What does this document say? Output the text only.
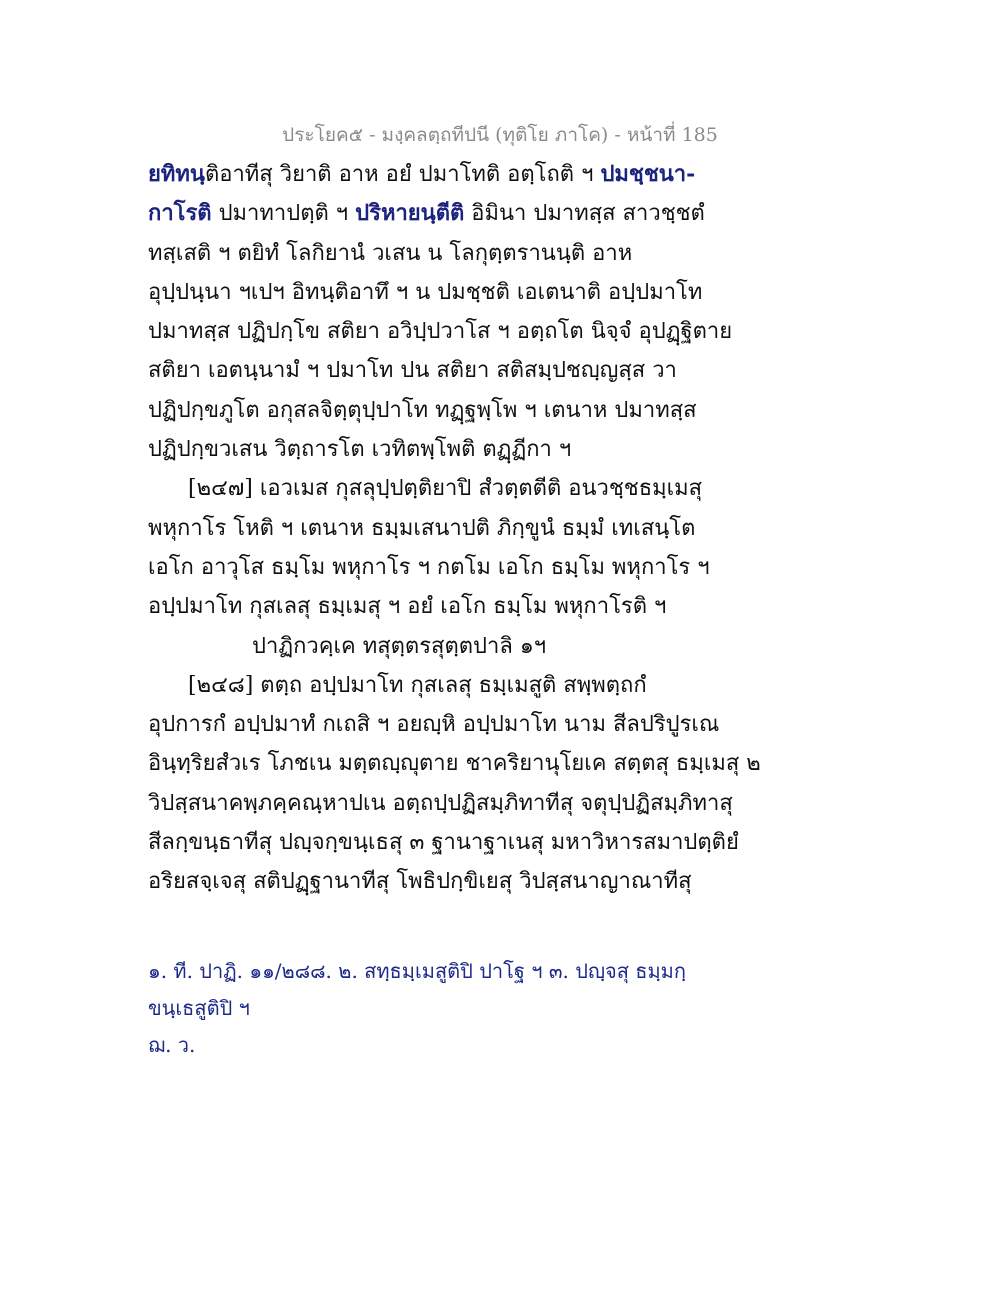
ประโยค๕ - มงฺคลตฺถทีปนี (ทุติโย ภาโค) - หน้าที่ 185
ยทิทนฺติอาทีสุ วิยาติ อาห อยํ ปมาโทติ อตฺโถติ ฯ ปมชฺชนา-
กาโรติ ปมาทาปตฺติ ฯ ปริหายนฺตีติ อิมินา ปมาทสฺส สาวชฺชตํ
ทสฺเสติ ฯ ตยิทํ โลกิยานํ วเสน น โลกุตฺตรานนฺติ อาห
อุปฺปนฺนา ฯเปฯ อิทนฺติอาทึ ฯ น ปมชฺชติ เอเตนาติ อปฺปมาโท
ปมาทสฺส ปฏิปกฺโข สติยา อวิปฺปวาโส ฯ อตฺถโต นิจฺจํ อุปฏฺฐิตาย
สติยา เอตนฺนามํ ฯ ปมาโท ปน สติยา สติสมฺปชญฺญสฺส วา
ปฏิปกฺขภูโต อกุสลจิตฺตุปฺปาโท ทฏฺฐพฺโพ ฯ เตนาห ปมาทสฺส
ปฏิปกฺขวเสน วิตฺถารโต เวทิตพฺโพติ ตฏฺฏีกา ฯ
[๒๔๗] เอวเมส กุสลุปฺปตฺติยาปิ สํวตฺตตีติ อนวชฺชธมฺเมสุ
พหุกาโร โหติ ฯ เตนาห ธมฺมเสนาปติ ภิกฺขูนํ ธมฺมํ เทเสนฺโต
เอโก อาวุโส ธมฺโม พหุกาโร ฯ กตโม เอโก ธมฺโม พหุกาโร ฯ
อปฺปมาโท กุสเลสุ ธมฺเมสุ ฯ อยํ เอโก ธมฺโม พหุกาโรติ ฯ
ปาฏิกวคฺเค ทสุตฺตรสุตฺตปาลิ ๑ฯ
[๒๔๘] ตตฺถ อปฺปมาโท กุสเลสุ ธมฺเมสูติ สพฺพตฺถกํ
อุปการกํ อปฺปมาทํ กเถสิ ฯ อยญฺหิ อปฺปมาโท นาม สีลปริปูรเณ
อินฺทฺริยสํวเร โภชเน มตฺตญฺญุตาย ชาคริยานุโยเค สตฺตสุ ธมฺเมสุ ๒
วิปสฺสนาคพฺภคฺคณฺหาปเน อตฺถปฺปฏิสมฺภิทาทีสุ จตุปฺปฏิสมฺภิทาสุ
สีลกฺขนฺธาทีสุ ปญฺจกฺขนฺเธสุ ๓ ฐานาฐาเนสุ มหาวิหารสมาปตฺติยํ
อริยสจฺเจสุ สติปฏฺฐานาทีสุ โพธิปกฺขิเยสุ วิปสฺสนาญาณาทีสุ
๑. ที. ปาฏิ. ๑๑/๒๘๘. ๒. สทฺธมฺเมสูติปิ ปาโฐ ฯ ๓. ปญฺจสุ ธมฺมกฺขนฺเธสูติปิ ฯ
ฌ. ว.
